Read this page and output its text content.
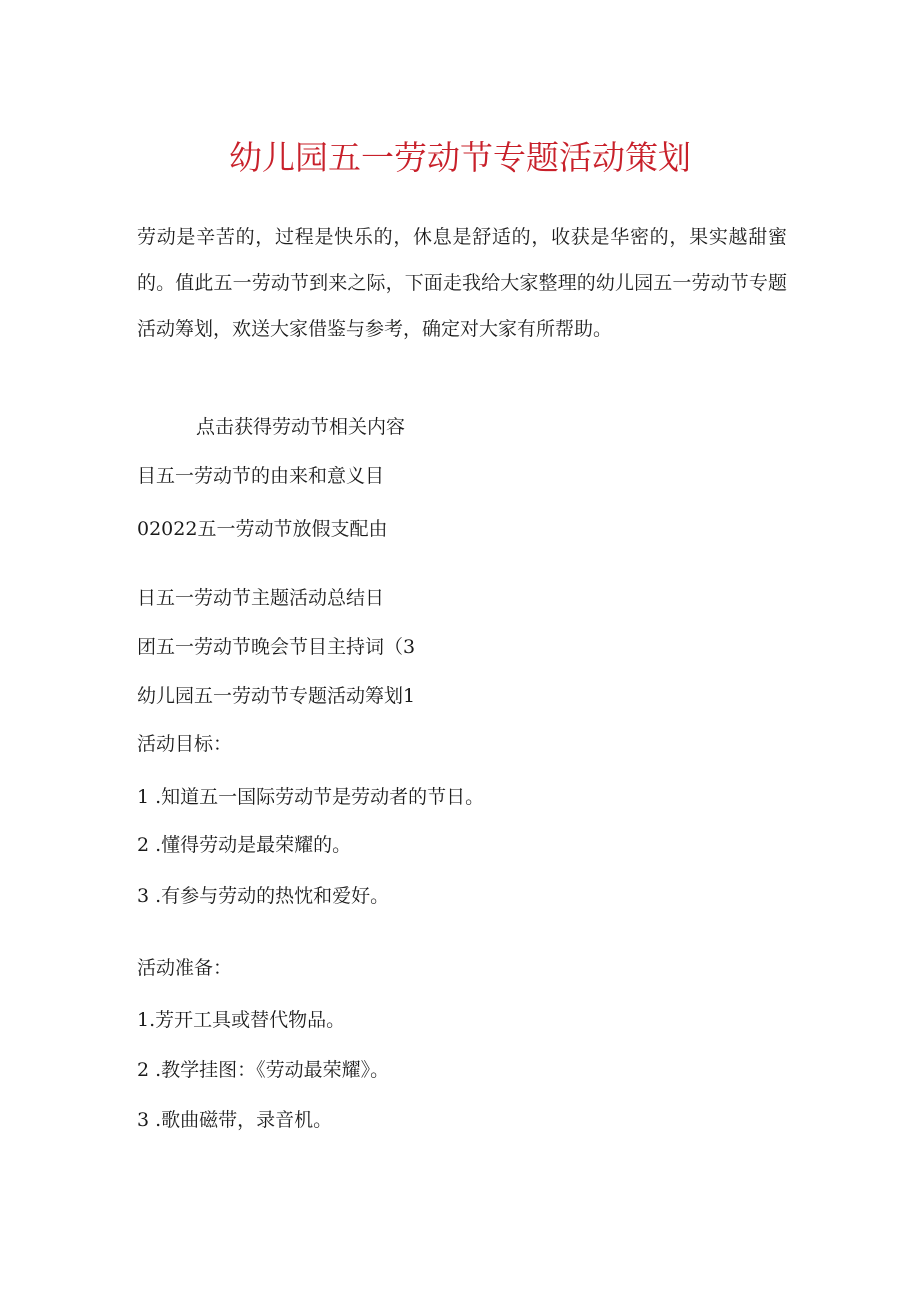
幼儿园五一劳动节专题活动策划

劳动是辛苦的，过程是快乐的，休息是舒适的，收获是华密的，果实越甜蜜的。值此五一劳动节到来之际，下面走我给大家整理的幼儿园五一劳动节专题活动筹划，欢送大家借鉴与参考，确定对大家有所帮助。

点击获得劳动节相关内容

目五一劳动节的由来和意义目

02022五一劳动节放假支配由

日五一劳动节主题活动总结日

团五一劳动节晚会节目主持词（3

幼儿园五一劳动节专题活动筹划1

活动目标：

1 .知道五一国际劳动节是劳动者的节日。

2 .懂得劳动是最荣耀的。

3 .有参与劳动的热忱和爱好。

活动准备：

1.芳开工具或替代物品。

2 .教学挂图：《劳动最荣耀》。

3 .歌曲磁带，录音机。
